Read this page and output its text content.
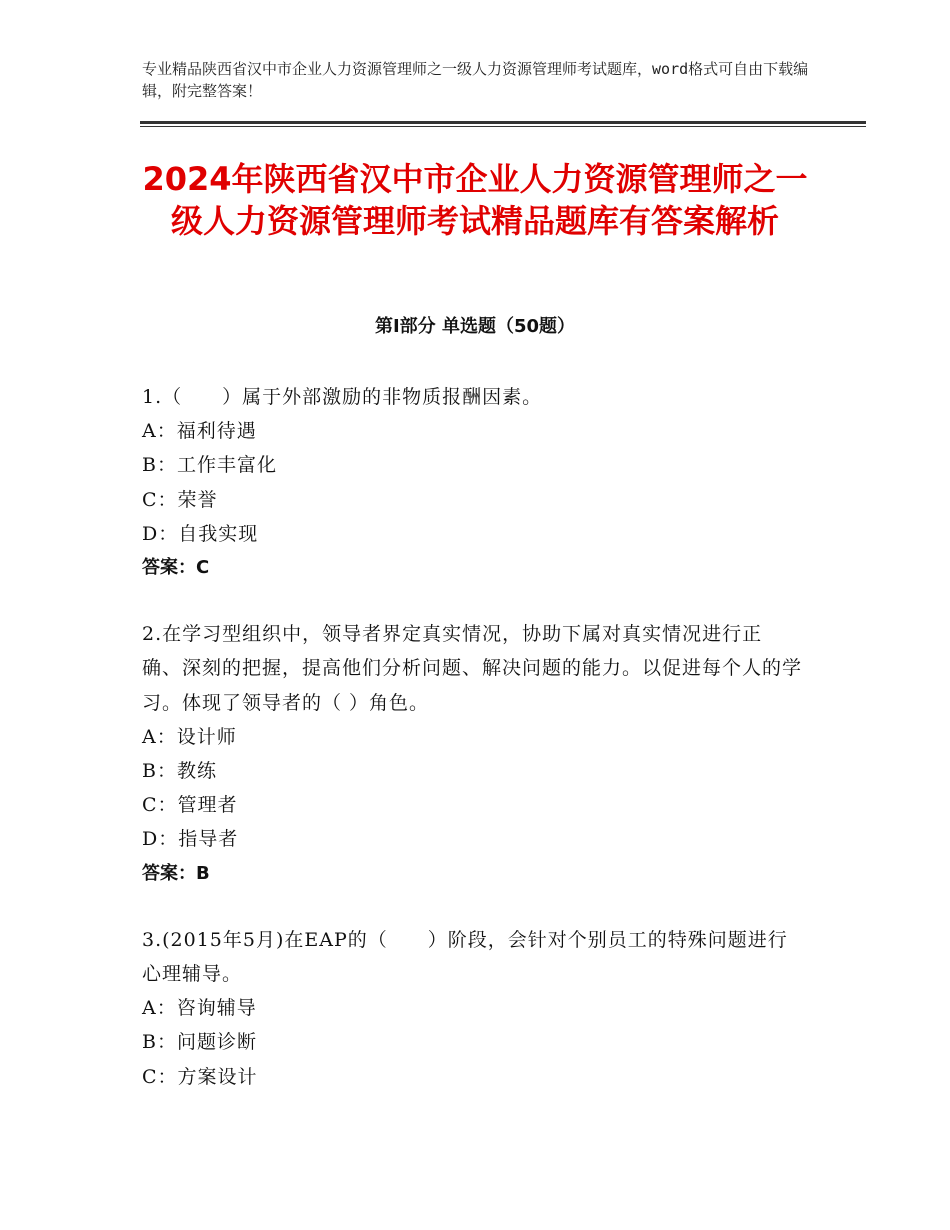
专业精品陕西省汉中市企业人力资源管理师之一级人力资源管理师考试题库，word格式可自由下载编辑，附完整答案！
2024年陕西省汉中市企业人力资源管理师之一级人力资源管理师考试精品题库有答案解析
第Ⅰ部分 单选题（50题）
1.（　　）属于外部激励的非物质报酬因素。
A：福利待遇
B：工作丰富化
C：荣誉
D：自我实现
答案：C
2.在学习型组织中，领导者界定真实情况，协助下属对真实情况进行正确、深刻的把握，提高他们分析问题、解决问题的能力。以促进每个人的学习。体现了领导者的（ ）角色。
A：设计师
B：教练
C：管理者
D：指导者
答案：B
3.(2015年5月)在EAP的（　　）阶段，会针对个别员工的特殊问题进行心理辅导。
A：咨询辅导
B：问题诊断
C：方案设计
